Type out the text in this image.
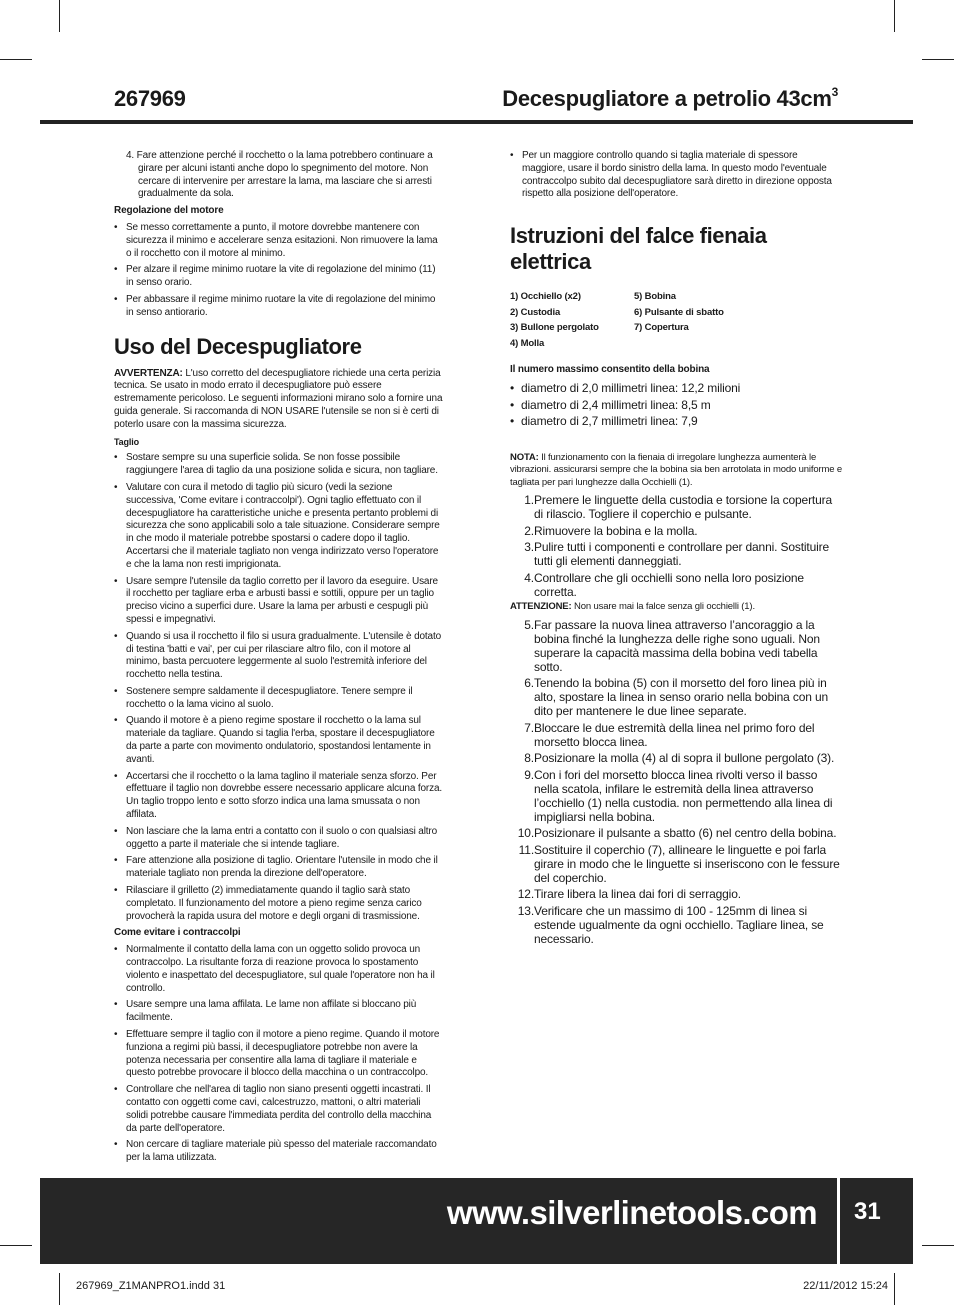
267969	Decespugliatore a petrolio $43cm^3$
4. Fare attenzione perché il rocchetto o la lama potrebbero continuare a girare per alcuni istanti anche dopo lo spegnimento del motore. Non cercare di intervenire per arrestare la lama, ma lasciare che si arresti gradualmente da sola.
Regolazione del motore
• Se messo correttamente a punto, il motore dovrebbe mantenere con sicurezza il minimo e accelerare senza esitazioni. Non rimuovere la lama o il rocchetto con il motore al minimo.
• Per alzare il regime minimo ruotare la vite di regolazione del minimo (11) in senso orario.
• Per abbassare il regime minimo ruotare la vite di regolazione del minimo in senso antiorario.
Uso del Decespugliatore

AVVERTENZA: L'uso corretto del decespugliatore richiede una certa perizia tecnica. Se usato in modo errato il decespugliatore può essere estremamente pericoloso. Le seguenti informazioni mirano solo a fornire una guida generale. Si raccomanda di NON USARE l'utensile se non si è certi di poterlo usare con la massima sicurezza.

Taglio
• Sostare sempre su una superficie solida. Se non fosse possibile raggiungere l'area di taglio da una posizione solida e sicura, non tagliare.
• Valutare con cura il metodo di taglio più sicuro (vedi la sezione successiva, 'Come evitare i contraccolpi'). Ogni taglio effettuato con il decespugliatore ha caratteristiche uniche e presenta pertanto problemi di sicurezza che sono applicabili solo a tale situazione. Considerare sempre in che modo il materiale potrebbe spostarsi o cadere dopo il taglio. Accertarsi che il materiale tagliato non venga indirizzato verso l'operatore e che la lama non resti imprigionata.
• Usare sempre l'utensile da taglio corretto per il lavoro da eseguire. Usare il rocchetto per tagliare erba e arbusti bassi e sottili, oppure per un taglio preciso vicino a superfici dure. Usare la lama per arbusti e cespugli più spessi e impegnativi.
• Quando si usa il rocchetto il filo si usura gradualmente. L'utensile è dotato di testina 'batti e vai', per cui per rilasciare altro filo, con il motore al minimo, basta percuotere leggermente al suolo l'estremità inferiore del rocchetto nella testina.
• Sostenere sempre saldamente il decespugliatore. Tenere sempre il rocchetto o la lama vicino al suolo.
• Quando il motore è a pieno regime spostare il rocchetto o la lama sul materiale da tagliare. Quando si taglia l'erba, spostare il decespugliatore da parte a parte con movimento ondulatorio, spostandosi lentamente in avanti.
• Accertarsi che il rocchetto o la lama taglino il materiale senza sforzo. Per effettuare il taglio non dovrebbe essere necessario applicare alcuna forza. Un taglio troppo lento e sotto sforzo indica una lama smussata o non affilata.
• Non lasciare che la lama entri a contatto con il suolo o con qualsiasi altro oggetto a parte il materiale che si intende tagliare.
• Fare attenzione alla posizione di taglio. Orientare l'utensile in modo che il materiale tagliato non prenda la direzione dell'operatore.
• Rilasciare il grilletto (2) immediatamente quando il taglio sarà stato completato. Il funzionamento del motore a pieno regime senza carico provocherà la rapida usura del motore e degli organi di trasmissione.
Come evitare i contraccolpi
• Normalmente il contatto della lama con un oggetto solido provoca un contraccolpo. La risultante forza di reazione provoca lo spostamento violento e inaspettato del decespugliatore, sul quale l'operatore non ha il controllo.
• Usare sempre una lama affilata. Le lame non affilate si bloccano più facilmente.
• Effettuare sempre il taglio con il motore a pieno regime. Quando il motore funziona a regimi più bassi, il decespugliatore potrebbe non avere la potenza necessaria per consentire alla lama di tagliare il materiale e questo potrebbe provocare il blocco della macchina o un contraccolpo.
• Controllare che nell'area di taglio non siano presenti oggetti incastrati. Il contatto con oggetti come cavi, calcestruzzo, mattoni, o altri materiali solidi potrebbe causare l'immediata perdita del controllo della macchina da parte dell'operatore.
• Non cercare di tagliare materiale più spesso del materiale raccomandato per la lama utilizzata.
• Per un maggiore controllo quando si taglia materiale di spessore maggiore, usare il bordo sinistro della lama. In questo modo l'eventuale contraccolpo subito dal decespugliatore sarà diretto in direzione opposta rispetto alla posizione dell'operatore.
Istruzioni del falce fienaia elettrica
1) Occhiello (x2)
2) Custodia
3) Bullone pergolato
4) Molla
5) Bobina
6) Pulsante di sbatto
7) Copertura
Il numero massimo consentito della bobina
• diametro di 2,0 millimetri linea: 12,2 milioni
• diametro di 2,4 millimetri linea: 8,5 m
• diametro di 2,7 millimetri linea: 7,9

NOTA: Il funzionamento con la fienaia di irregolare lunghezza aumenterà le vibrazioni. assicurarsi sempre che la bobina sia ben arrotolata in modo uniforme e tagliata per pari lunghezze dalla Occhielli (1).

1. Premere le linguette della custodia e torsione la copertura di rilascio. Togliere il coperchio e pulsante.
2. Rimuovere la bobina e la molla.
3. Pulire tutti i componenti e controllare per danni. Sostituire tutti gli elementi danneggiati.
4. Controllare che gli occhielli sono nella loro posizione corretta.

ATTENZIONE: Non usare mai la falce senza gli occhielli (1).

5. Far passare la nuova linea attraverso l’ancoraggio a la bobina finché la lunghezza delle righe sono uguali. Non superare la capacità massima della bobina vedi tabella sotto.
6. Tenendo la bobina (5) con il morsetto del foro linea più in alto, spostare la linea in senso orario nella bobina con un dito per mantenere le due linee separate.
7. Bloccare le due estremità della linea nel primo foro del morsetto blocca linea.
8. Posizionare la molla (4) al di sopra il bullone pergolato (3).
9. Con i fori del morsetto blocca linea rivolti verso il basso nella scatola, infilare le estremità della linea attraverso l’occhiello (1) nella custodia. non permettendo alla linea di impigliarsi nella bobina.
10. Posizionare il pulsante a sbatto (6) nel centro della bobina.
11. Sostituire il coperchio (7), allineare le linguette e poi farla girare in modo che le linguette si inseriscono con le fessure del coperchio.
12. Tirare libera la linea dai fori di serraggio.
13. Verificare che un massimo di 100 - 125mm di linea si estende ugualmente da ogni occhiello. Tagliare linea, se necessario.
www.silverlinetools.com 31
267969_Z1MANPRO1.indd 31	22/11/2012 15:24
